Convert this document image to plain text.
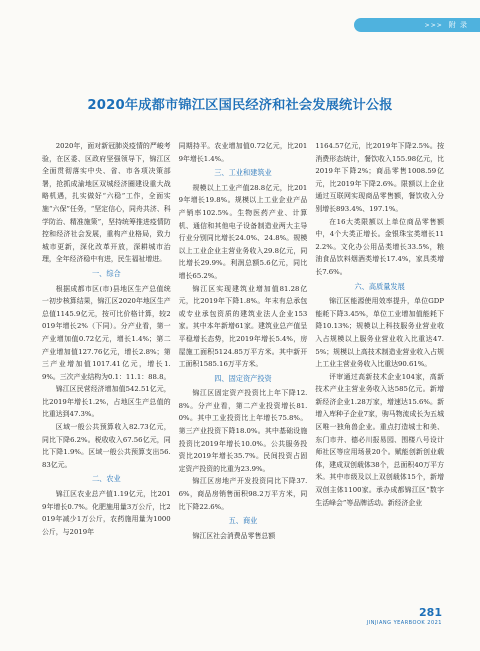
>>> 附 录
2020年成都市锦江区国民经济和社会发展统计公报

2020年，面对新冠肺炎疫情的严峻考验，在区委、区政府坚强领导下，锦江区全面贯彻落实中央、省、市各项决策部署，抢抓成渝地区双城经济圈建设重大战略机遇，扎实做好“六稳”工作，全面实施“六保”任务，“坚定信心，同舟共济、科学防治、精准施策”，坚持统筹推进疫情防控和经济社会发展，重构产业格局，致力城市更新，深化改革开放，深耕城市治理，全年经济稳中有进，民生福祉增进。

一、综合

根据成都市区(市)县地区生产总值统一初步核算结果，锦江区2020年地区生产总值1145.9亿元，按可比价格计算，较2019年增长2%（下同）。分产业看，第一产业增加值0.72亿元，增长1.4%；第二产业增加值127.76亿元，增长2.8%；第三产业增加值1017.41亿元，增长1.9%。三次产业结构为0.1：11.1：88.8。

锦江区民营经济增加值542.51亿元，比2019年增长1.2%，占地区生产总值的比重达到47.3%。

区域一般公共预算收入82.73亿元，同比下降6.2%。税收收入67.56亿元，同比下降1.9%。区域一般公共预算支出56.83亿元。

二、农业

锦江区农业总产值1.19亿元，比2019年增长0.7%。化肥施用量3万公斤，比2019年减少1万公斤，农药施用量为1000公斤，与2019年

同期持平。农业增加值0.72亿元，比2019年增长1.4%。

三、工业和建筑业

规模以上工业产值28.8亿元，比2019年增长19.8%。规模以上工业企业产品产销率102.5%。生物医药产业、计算机、通信和其他电子设备制造业两大主导行业分别同比增长24.0%、24.8%。规模以上工业企业主营业务收入29.8亿元，同比增长29.9%。利润总额5.6亿元，同比增长65.2%。

锦江区实现建筑业增加值81.28亿元，比2019年下降1.8%。年末有总承包或专业承包资质的建筑业法人企业153家。其中本年新增61家。建筑业总产值呈平稳增长态势，比2019年增长5.4%，房屋施工面积5124.85万平方米。其中新开工面积1585.16万平方米。

四、固定资产投资

锦江区固定资产投资比上年下降12.8%。分产业看，第二产业投资增长81.0%。其中工业投资比上年增长75.8%。第三产业投资下降18.0%。其中基础设施投资比2019年增长10.0%。公共服务投资比2019年增长35.7%。民间投资占固定资产投资的比重为23.9%。

锦江区房地产开发投资同比下降37.6%，商品房销售面积98.2万平方米，同比下降22.6%。

五、商业

锦江区社会消费品零售总额

1164.57亿元，比2019年下降2.5%。按消费形态统计，餐饮收入155.98亿元，比2019年下降2%；商品零售1008.59亿元，比2019年下降2.6%。限额以上企业通过互联网实现商品零售额，餐饮收入分别增长893.4%、197.1%。

在16大类限额以上单位商品零售额中，4个大类正增长。金银珠宝类增长112.2%。文化办公用品类增长33.5%，粮油食品饮料烟酒类增长17.4%，家具类增长7.6%。

六、高质量发展

锦江区能源使用效率提升，单位GDP能耗下降3.45%，单位工业增加值能耗下降10.13%；规模以上科技服务业营业收入占规模以上服务业营业收入比重达47.5%；规模以上高技术制造业营业收入占规上工业主营业务收入比重达90.61%。

评审通过高新技术企业104家，高新技术产业主营业务收入达585亿元。新增新经济企业1.28万家，增速达15.6%。新增入库种子企业7家，驹马物流成长为五城区唯一独角兽企业。重点打造城士和美、东门市井、德必川报易园、围楼八号设计师社区等应用场景20个。赋能创新创业载体，建成双创载体38个，总面积40万平方米。其中市级及以上双创载体15个，新增双创主体1100家。承办成都锦江区“数字生活峰会”等品牌活动。新经济企业

281
JINJIANG YEARBOOK 2021
